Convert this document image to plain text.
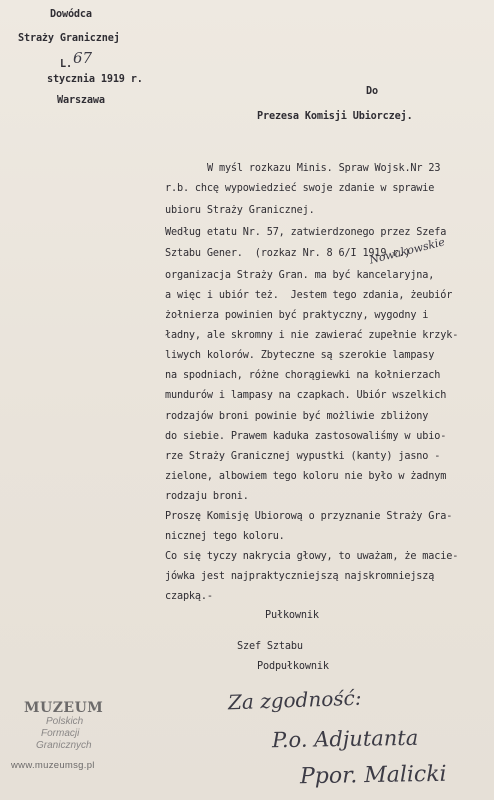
Dowódca
Straży Granicznej
L. 67
stycznia 1919 r.
Warszawa
Do
Prezesa Komisji Ubiorczej.
W myśl rozkazu Minis. Spraw Wojsk.Nr 23
r.b. chcę wypowiedzieć swoje zdanie w sprawie
ubioru Straży Granicznej.
Według etatu Nr. 57, zatwierdzonego przez Szefa
Sztabu Gener.  (rozkaz Nr. 8 6/I 1919 r.)
Nowakowskie
organizacja Straży Gran. ma być kancelaryjna,
a więc i ubiór też.  Jestem tego zdania, żeubiór
żołnierza powinien być praktyczny, wygodny i
ładny, ale skromny i nie zawierać zupełnie krzyk-
liwych kolorów. Zbyteczne są szerokie lampasy
na spodniach, różne chorągiewki na kołnierzach
mundurów i lampasy na czapkach. Ubiór wszelkich
rodzajów broni powinie być możliwie zbliżony
do siebie. Prawem kaduka zastosowaliśmy w ubio-
rze Straży Granicznej wypustki (kanty) jasno -
zielone, albowiem tego koloru nie było w żadnym
rodzaju broni.
Proszę Komisję Ubiorową o przyznanie Straży Gra-
nicznej tego koloru.
Co się tyczy nakrycia głowy, to uważam, że macie-
jówka jest najpraktyczniejszą najskromniejszą
czapką.-
Pułkownik
Szef Sztabu
Podpułkownik
Za zgodność:
P.o. Adjutanta
Ppor. Malicki
MUZEUM
Polskich
Formacji
Granicznych
www.muzeumsg.pl
